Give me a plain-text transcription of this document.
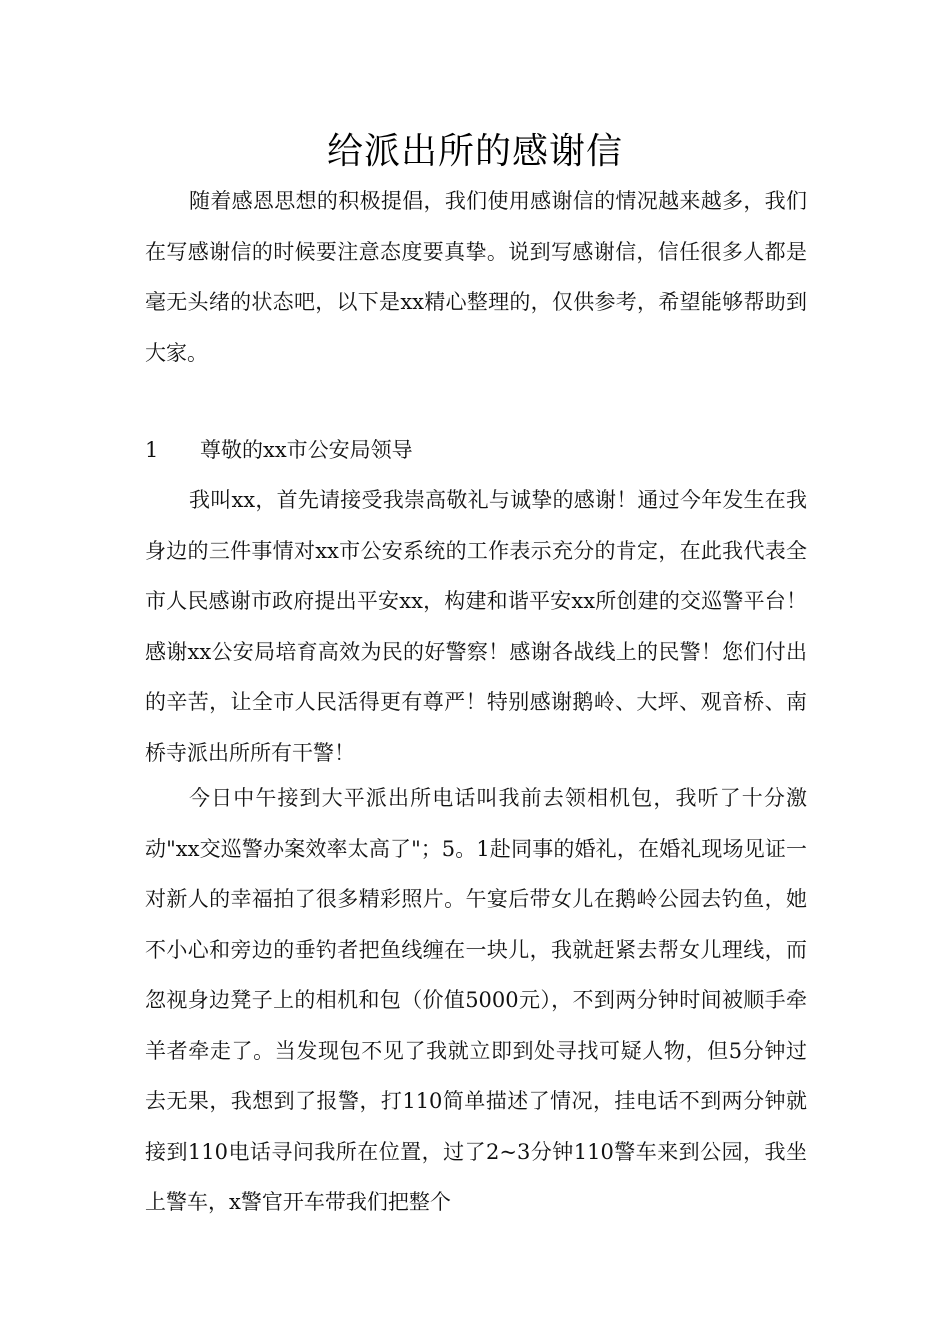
给派出所的感谢信

随着感恩思想的积极提倡，我们使用感谢信的情况越来越多，我们在写感谢信的时候要注意态度要真挚。说到写感谢信，信任很多人都是毫无头绪的状态吧，以下是xx精心整理的，仅供参考，希望能够帮助到大家。

1 尊敬的xx市公安局领导

我叫xx，首先请接受我崇高敬礼与诚挚的感谢！通过今年发生在我身边的三件事情对xx市公安系统的工作表示充分的肯定，在此我代表全市人民感谢市政府提出平安xx，构建和谐平安xx所创建的交巡警平台！感谢xx公安局培育高效为民的好警察！感谢各战线上的民警！您们付出的辛苦，让全市人民活得更有尊严！特别感谢鹅岭、大坪、观音桥、南桥寺派出所所有干警！

今日中午接到大平派出所电话叫我前去领相机包，我听了十分激动"xx交巡警办案效率太高了"；5。1赴同事的婚礼，在婚礼现场见证一对新人的幸福拍了很多精彩照片。午宴后带女儿在鹅岭公园去钓鱼，她不小心和旁边的垂钓者把鱼线缠在一块儿，我就赶紧去帮女儿理线，而忽视身边凳子上的相机和包（价值5000元），不到两分钟时间被顺手牵羊者牵走了。当发现包不见了我就立即到处寻找可疑人物，但5分钟过去无果，我想到了报警，打110简单描述了情况，挂电话不到两分钟就接到110电话寻问我所在位置，过了2~3分钟110警车来到公园，我坐上警车，x警官开车带我们把整个
